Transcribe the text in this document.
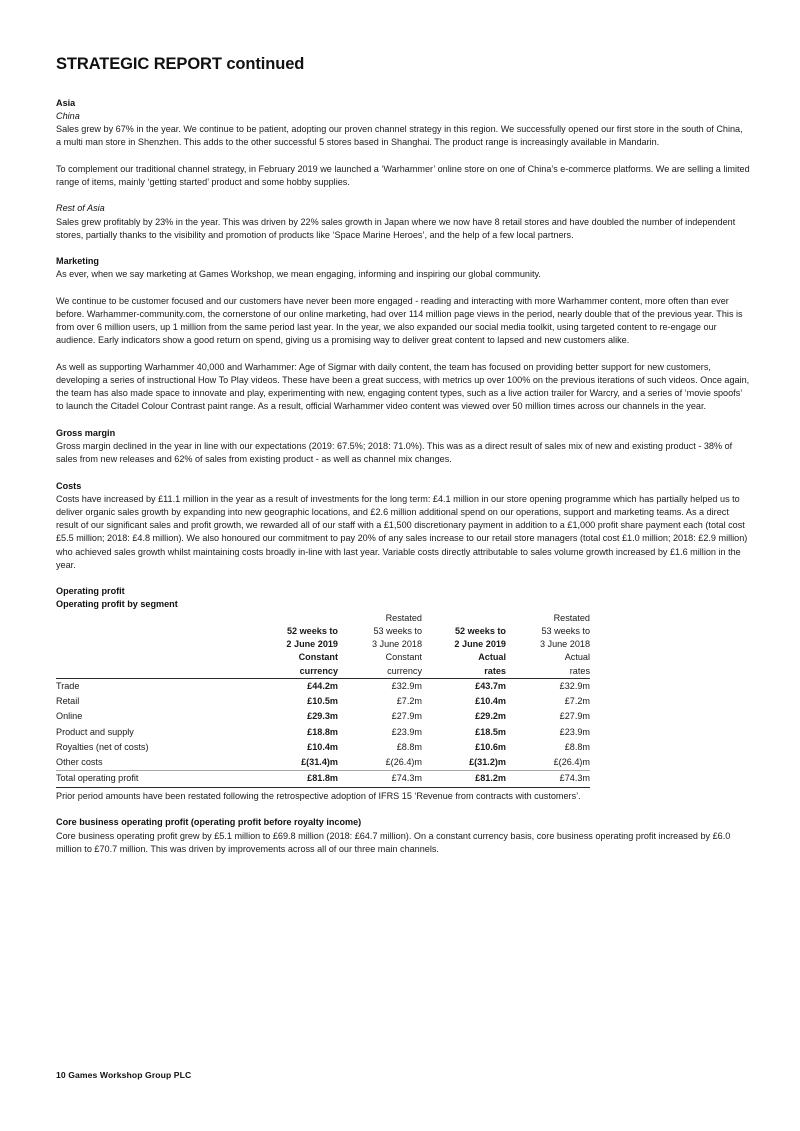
STRATEGIC REPORT continued
Asia
China

Sales grew by 67% in the year. We continue to be patient, adopting our proven channel strategy in this region. We successfully opened our first store in the south of China, a multi man store in Shenzhen. This adds to the other successful 5 stores based in Shanghai. The product range is increasingly available in Mandarin.

To complement our traditional channel strategy, in February 2019 we launched a ‘Warhammer’ online store on one of China’s e-commerce platforms. We are selling a limited range of items, mainly ‘getting started’ product and some hobby supplies.

Rest of Asia

Sales grew profitably by 23% in the year. This was driven by 22% sales growth in Japan where we now have 8 retail stores and have doubled the number of independent stores, partially thanks to the visibility and promotion of products like ‘Space Marine Heroes’, and the help of a few local partners.

Marketing

As ever, when we say marketing at Games Workshop, we mean engaging, informing and inspiring our global community.

We continue to be customer focused and our customers have never been more engaged - reading and interacting with more Warhammer content, more often than ever before. Warhammer-community.com, the cornerstone of our online marketing, had over 114 million page views in the period, nearly double that of the previous year. This is from over 6 million users, up 1 million from the same period last year. In the year, we also expanded our social media toolkit, using targeted content to re-engage our audience. Early indicators show a good return on spend, giving us a promising way to deliver great content to lapsed and new customers alike.

As well as supporting Warhammer 40,000 and Warhammer: Age of Sigmar with daily content, the team has focused on providing better support for new customers, developing a series of instructional How To Play videos. These have been a great success, with metrics up over 100% on the previous iterations of such videos. Once again, the team has also made space to innovate and play, experimenting with new, engaging content types, such as a live action trailer for Warcry, and a series of ‘movie spoofs’ to launch the Citadel Colour Contrast paint range. As a result, official Warhammer video content was viewed over 50 million times across our channels in the year.

Gross margin

Gross margin declined in the year in line with our expectations (2019: 67.5%; 2018: 71.0%). This was as a direct result of sales mix of new and existing product - 38% of sales from new releases and 62% of sales from existing product - as well as channel mix changes.

Costs

Costs have increased by £11.1 million in the year as a result of investments for the long term: £4.1 million in our store opening programme which has partially helped us to deliver organic sales growth by expanding into new geographic locations, and £2.6 million additional spend on our operations, support and marketing teams. As a direct result of our significant sales and profit growth, we rewarded all of our staff with a £1,500 discretionary payment in addition to a £1,000 profit share payment each (total cost £5.5 million; 2018: £4.8 million). We also honoured our commitment to pay 20% of any sales increase to our retail store managers (total cost £1.0 million; 2018: £2.9 million) who achieved sales growth whilst maintaining costs broadly in-line with last year. Variable costs directly attributable to sales volume growth increased by £1.6 million in the year.

Operating profit
Operating profit by segment
		Restated		Restated
	52 weeks to	53 weeks to	52 weeks to	53 weeks to
	2 June 2019	3 June 2018	2 June 2019	3 June 2018
	Constant	Constant	Actual	Actual
	currency	currency	rates	rates
Trade	£44.2m	£32.9m	£43.7m	£32.9m
Retail	£10.5m	£7.2m	£10.4m	£7.2m
Online	£29.3m	£27.9m	£29.2m	£27.9m
Product and supply	£18.8m	£23.9m	£18.5m	£23.9m
Royalties (net of costs)	£10.4m	£8.8m	£10.6m	£8.8m
Other costs	£(31.4)m	£(26.4)m	£(31.2)m	£(26.4)m
Total operating profit	£81.8m	£74.3m	£81.2m	£74.3m

Prior period amounts have been restated following the retrospective adoption of IFRS 15 ‘Revenue from contracts with customers’.

Core business operating profit (operating profit before royalty income)

Core business operating profit grew by £5.1 million to £69.8 million (2018: £64.7 million). On a constant currency basis, core business operating profit increased by £6.0 million to £70.7 million. This was driven by improvements across all of our three main channels.

10 Games Workshop Group PLC
